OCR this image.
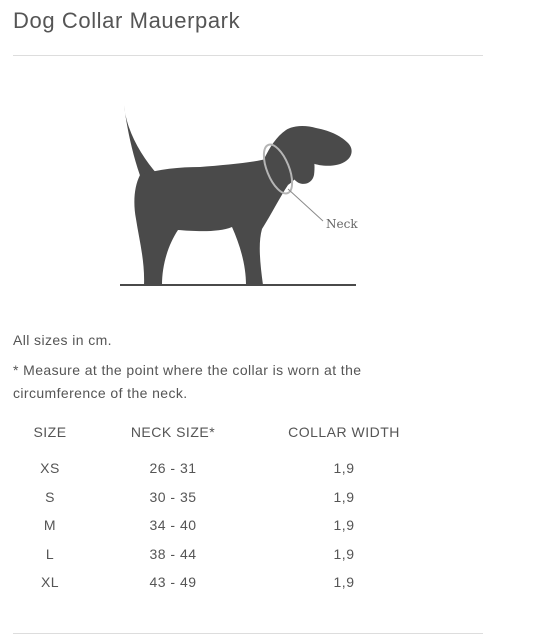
Dog Collar Mauerpark
Neck

All sizes in cm.

* Measure at the point where the collar is worn at the circumference of the neck.

SIZE	NECK SIZE*	COLLAR WIDTH
XS	26 - 31	1,9
S	30 - 35	1,9
M	34 - 40	1,9
L	38 - 44	1,9
XL	43 - 49	1,9
